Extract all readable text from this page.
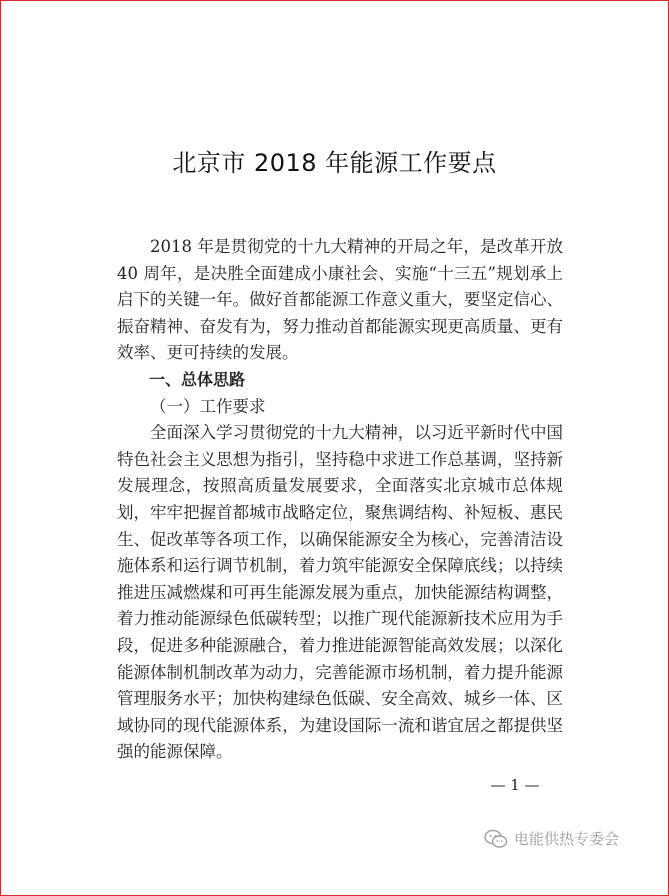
北京市 2018 年能源工作要点

2018 年是贯彻党的十九大精神的开局之年，是改革开放 40 周年，是决胜全面建成小康社会、实施“十三五”规划承上启下的关键一年。做好首都能源工作意义重大，要坚定信心、振奋精神、奋发有为，努力推动首都能源实现更高质量、更有效率、更可持续的发展。

一、总体思路

（一）工作要求

全面深入学习贯彻党的十九大精神，以习近平新时代中国特色社会主义思想为指引，坚持稳中求进工作总基调，坚持新发展理念，按照高质量发展要求，全面落实北京城市总体规划，牢牢把握首都城市战略定位，聚焦调结构、补短板、惠民生、促改革等各项工作，以确保能源安全为核心，完善清洁设施体系和运行调节机制，着力筑牢能源安全保障底线；以持续推进压减燃煤和可再生能源发展为重点，加快能源结构调整，着力推动能源绿色低碳转型；以推广现代能源新技术应用为手段，促进多种能源融合，着力推进能源智能高效发展；以深化能源体制机制改革为动力，完善能源市场机制，着力提升能源管理服务水平；加快构建绿色低碳、安全高效、城乡一体、区域协同的现代能源体系，为建设国际一流和谐宜居之都提供坚强的能源保障。

— 1 —
电能供热专委会
